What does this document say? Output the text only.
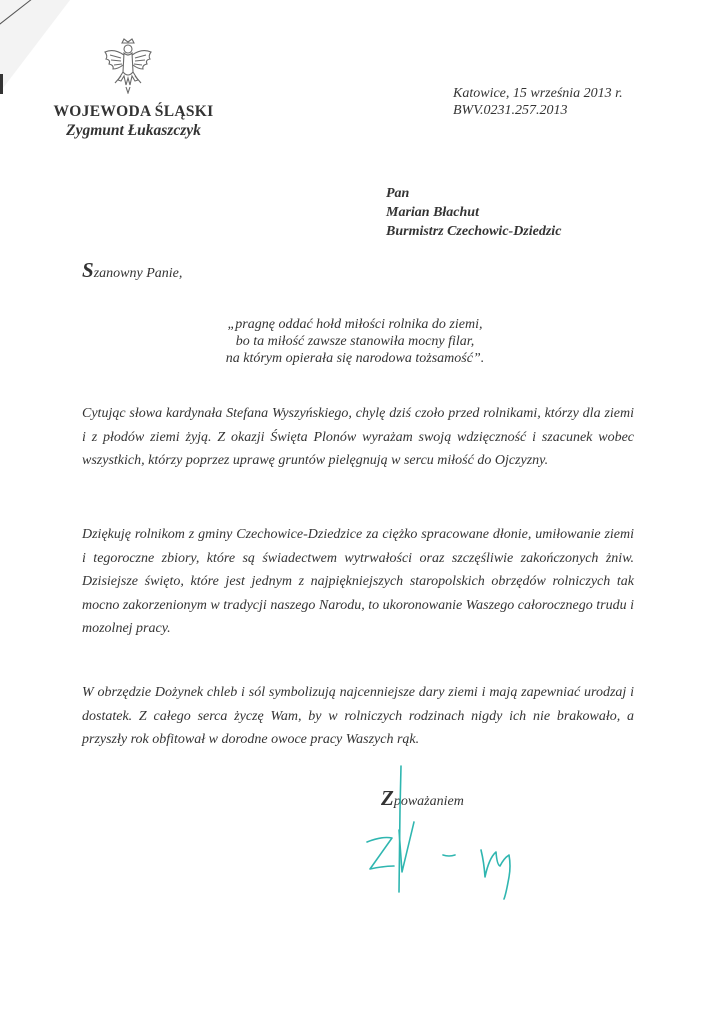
WOJEWODA ŚLĄSKI
Zygmunt Łukaszczyk
Katowice, 15 września 2013 r.
BWV.0231.257.2013
Pan
Marian Błachut
Burmistrz Czechowic-Dziedzic
Szanowny Panie,
„pragnę oddać hołd miłości rolnika do ziemi,
bo ta miłość zawsze stanowiła mocny filar,
na którym opierała się narodowa tożsamość”.
Cytując słowa kardynała Stefana Wyszyńskiego, chylę dziś czoło przed rolnikami, którzy dla ziemi i z płodów ziemi żyją. Z okazji Święta Plonów wyrażam swoją wdzięczność i szacunek wobec wszystkich, którzy poprzez uprawę gruntów pielęgnują w sercu miłość do Ojczyzny.
Dziękuję rolnikom z gminy Czechowice-Dziedzice za ciężko spracowane dłonie, umiłowanie ziemi i tegoroczne zbiory, które są świadectwem wytrwałości oraz szczęśliwie zakończonych żniw. Dzisiejsze święto, które jest jednym z najpiękniejszych staropolskich obrzędów rolniczych tak mocno zakorzenionym w tradycji naszego Narodu, to ukoronowanie Waszego całorocznego trudu i mozolnej pracy.
W obrzędzie Dożynek chleb i sól symbolizują najcenniejsze dary ziemi i mają zapewniać urodzaj i dostatek. Z całego serca życzę Wam, by w rolniczych rodzinach nigdy ich nie brakowało, a przyszły rok obfitował w dorodne owoce pracy Waszych rąk.
Zpoważaniem
